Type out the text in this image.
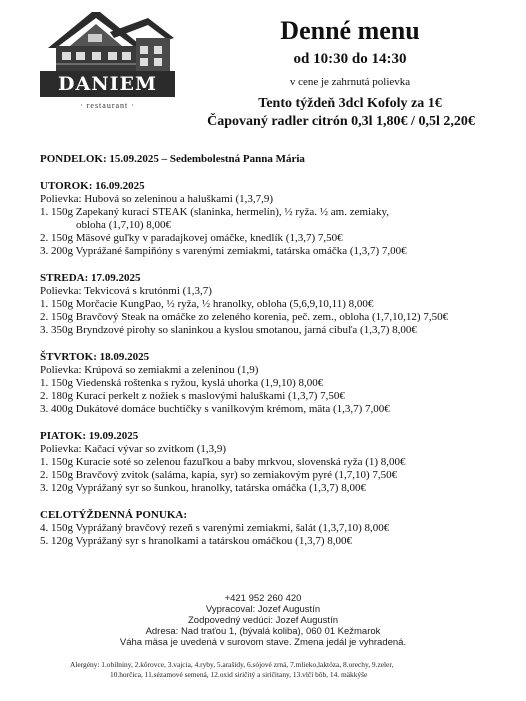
DANIEM
· restaurant ·
Denné menu
od 10:30 do 14:30
v cene je zahrnutá polievka
Tento týždeň 3dcl Kofoly za 1€
Čapovaný radler citrón 0,3l 1,80€ / 0,5l 2,20€
PONDELOK: 15.09.2025 – Sedembolestná Panna Mária
UTOROK: 16.09.2025
Polievka: Hubová so zeleninou a haluškami (1,3,7,9)
1. 150g Zapekaný kurací STEAK (slaninka, hermelín), ½ ryža. ½ am. zemiaky,
obloha (1,7,10) 8,00€
2. 150g Mäsové guľky v paradajkovej omáčke, knedlík (1,3,7) 7,50€
3. 200g Vyprážané šampiňóny s varenými zemiakmi, tatárska omáčka (1,3,7) 7,00€
STREDA: 17.09.2025
Polievka: Tekvicová s krutónmi (1,3,7)
1. 150g Morčacie KungPao, ½ ryža, ½ hranolky, obloha (5,6,9,10,11) 8,00€
2. 150g Bravčový Steak na omáčke zo zeleného korenia, peč. zem., obloha (1,7,10,12) 7,50€
3. 350g Bryndzové pirohy so slaninkou a kyslou smotanou, jarná cibuľa (1,3,7) 8,00€
ŠTVRTOK: 18.09.2025
Polievka: Krúpová so zemiakmi a zeleninou (1,9)
1. 150g Viedenská roštenka s ryžou, kyslá uhorka (1,9,10) 8,00€
2. 180g Kurací perkelt z nožiek s maslovými haluškami (1,3,7) 7,50€
3. 400g Dukátové domáce buchtičky s vanilkovým krémom, mäta (1,3,7) 7,00€
PIATOK: 19.09.2025
Polievka: Kačací vývar so zvitkom (1,3,9)
1. 150g Kuracie soté so zelenou fazuľkou a baby mrkvou, slovenská ryža (1) 8,00€
2. 150g Bravčový zvitok (saláma, kapia, syr) so zemiakovým pyré (1,7,10) 7,50€
3. 120g Vyprážaný syr so šunkou, hranolky, tatárska omáčka (1,3,7) 8,00€
CELOTÝŽDENNÁ PONUKA:
4. 150g Vyprážaný bravčový rezeň s varenými zemiakmi, šalát (1,3,7,10) 8,00€
5. 120g Vyprážaný syr s hranolkami a tatárskou omáčkou (1,3,7) 8,00€
+421 952 260 420
Vypracoval: Jozef Augustín
Zodpovedný vedúci: Jozef Augustín
Adresa: Nad traťou 1, (bývalá koliba), 060 01 Kežmarok
Váha mäsa je uvedená v surovom stave. Zmena jedál je vyhradená.
Alergény: 1.obilniny, 2.kôrovce, 3.vajcia, 4.ryby, 5.arašidy, 6.sójové zrná, 7.mlieko,laktóza, 8.orechy, 9.zeler,
10.horčica, 11.sézamové semená, 12.oxid siričitý a siričitany, 13.vlčí bôb, 14. mäkkýše
